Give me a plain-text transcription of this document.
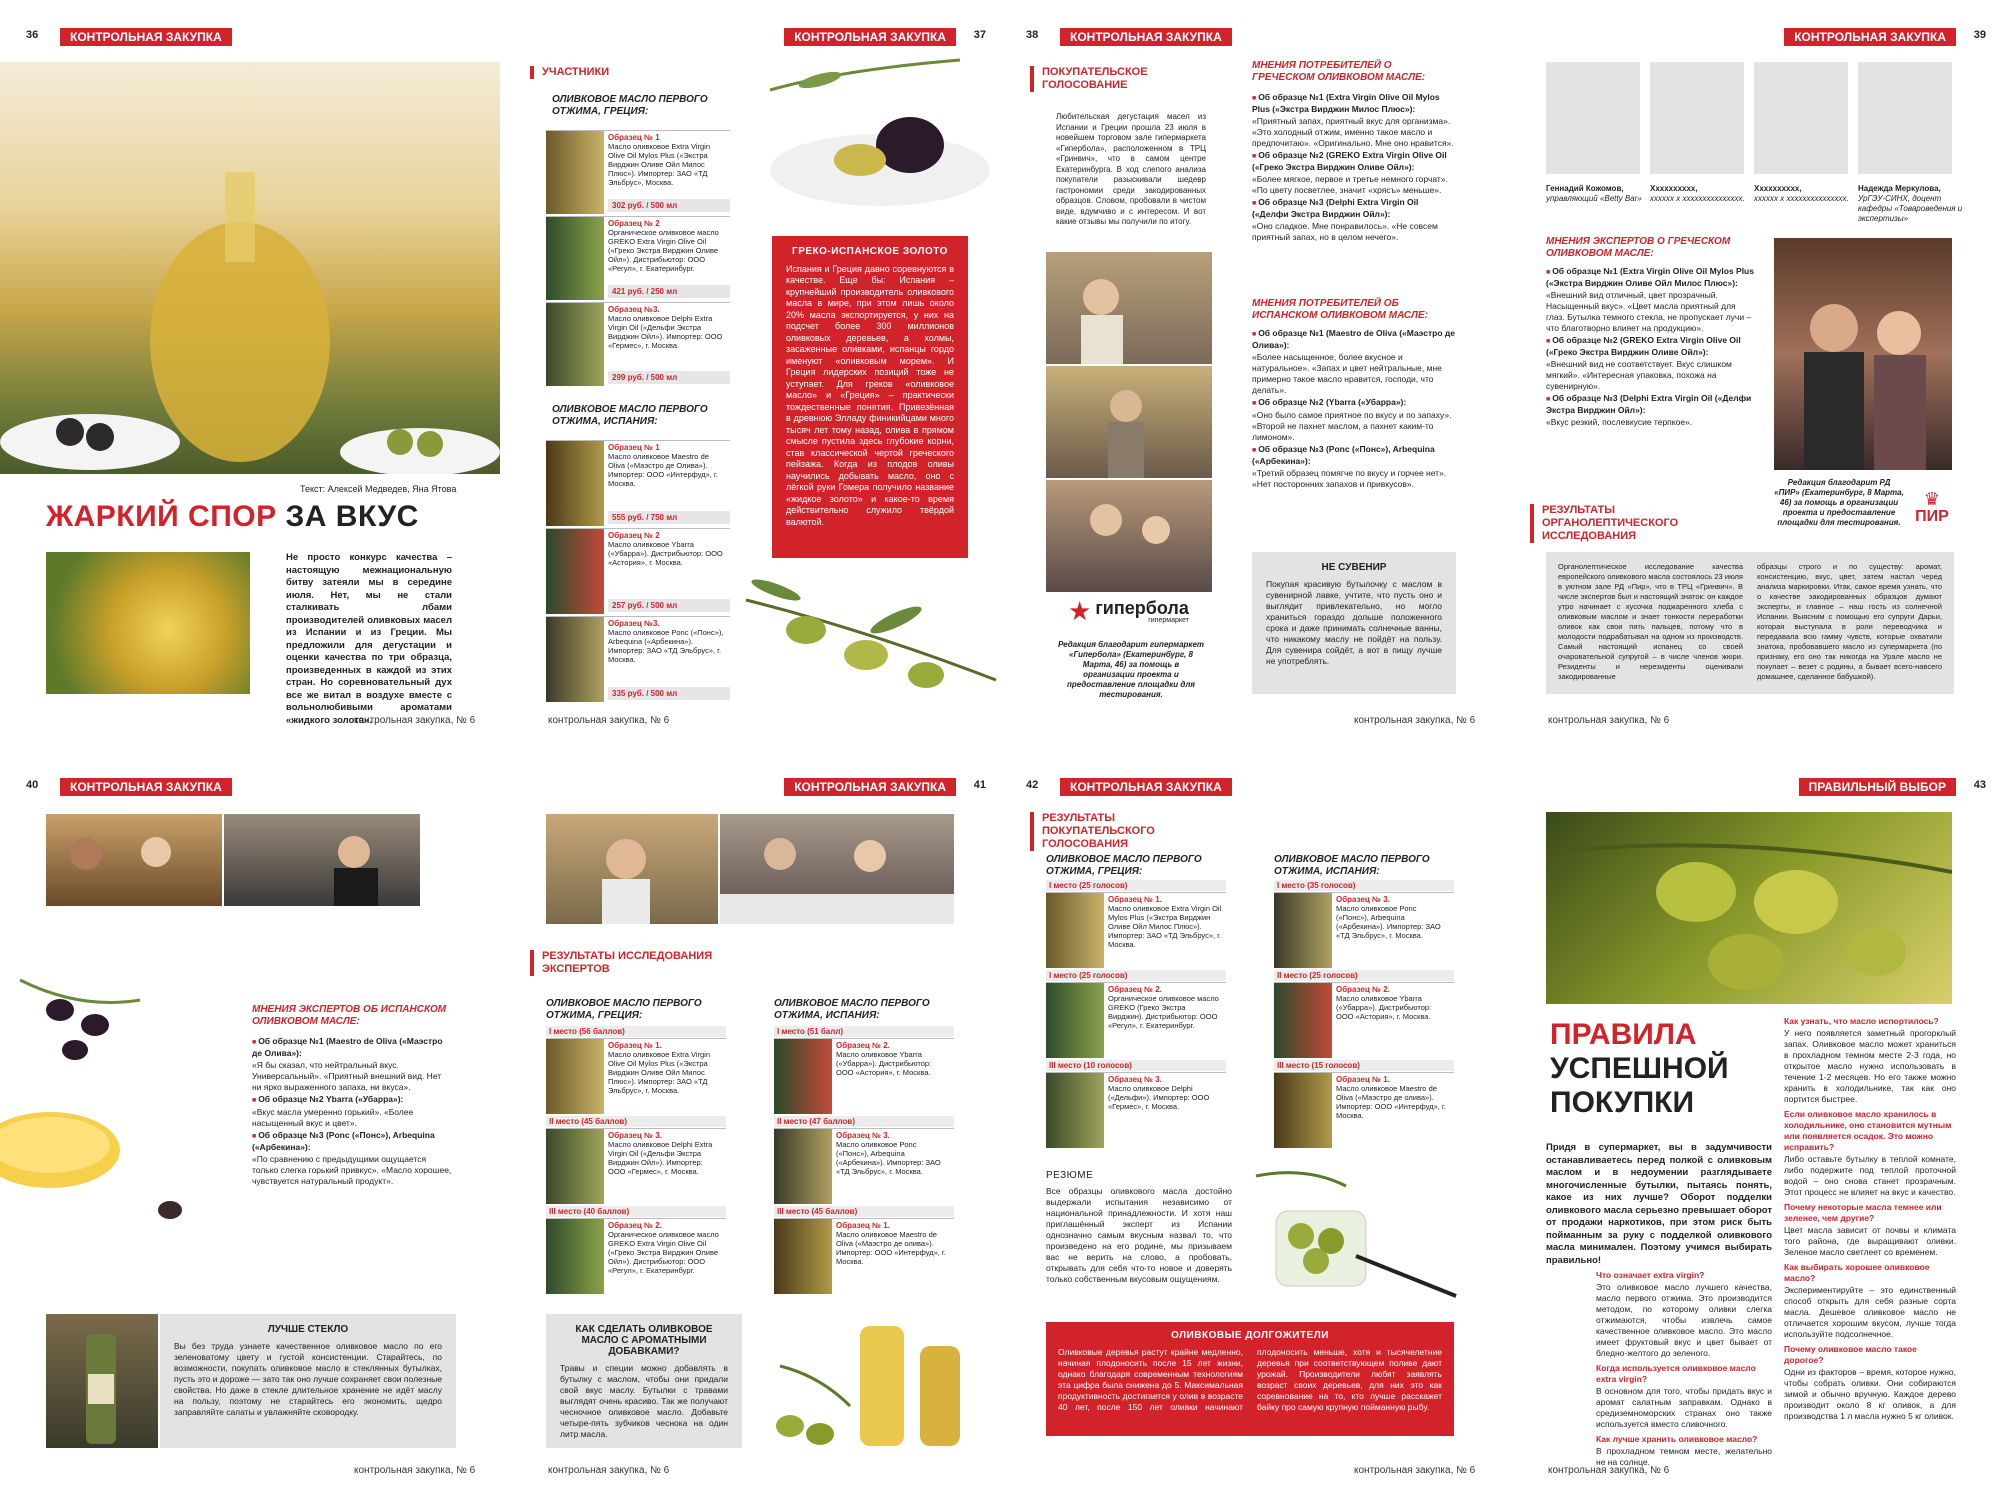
36	КОНТРОЛЬНАЯ ЗАКУПКА
Текст: Алексей Медведев, Яна Ятова
ЖАРКИЙ СПОР ЗА ВКУС
Не просто конкурс качества – настоящую межнациональную битву затеяли мы в середине июля. Нет, мы не стали сталкивать лбами производителей оливковых масел из Испании и из Греции. Мы предложили для дегустации и оценки качества по три образца, произведенных в каждой из этих стран. Но соревновательный дух все же витал в воздухе вместе с вольнолюбивыми ароматами «жидкого золота».
контрольная закупка, № 6
37
КОНТРОЛЬНАЯ ЗАКУПКА
УЧАСТНИКИ
ОЛИВКОВОЕ МАСЛО ПЕРВОГО ОТЖИМА, ГРЕЦИЯ:
Образец № 1
Масло оливковое Extra Virgin Olive Oil Mylos Plus («Экстра Вирджин Оливе Ойл Милос Плюс»). Импортер: ЗАО «ТД Эльбрус», Москва.
302 руб. / 500 мл
Образец № 2
Органическое оливковое масло GREKO Extra Virgin Olive Oil («Греко Экстра Вирджин Оливе Ойл»). Дистрибьютор: ООО «Регул», г. Екатеринбург.
421 руб. / 250 мл
Образец №3.
Масло оливковое Delphi Extra Virgin Oil («Дельфи Экстра Вирджин Ойл»). Импортер: ООО «Гермес», г. Москва.
299 руб. / 500 мл
ОЛИВКОВОЕ МАСЛО ПЕРВОГО ОТЖИМА, ИСПАНИЯ:
Образец № 1
Масло оливковое Maestro de Oliva («Маэстро де Олива»). Импортер: ООО «Интерфуд», г. Москва.
555 руб. / 750 мл
Образец № 2
Масло оливковое Ybarra («Убарра»). Дистрибьютор: ООО «Астория», г. Москва.
257 руб. / 500 мл
Образец №3.
Масло оливковое Ponc («Понс»), Arbequina («Арбекина»). Импортер: ЗАО «ТД Эльбрус», г. Москва.
335 руб. / 500 мл
ГРЕКО-ИСПАНСКОЕ ЗОЛОТО
Испания и Греция давно соревнуются в качестве. Еще бы: Испания – крупнейший производитель оливкового масла в мире, при этом лишь около 20% масла экспортируется, у них на подсчет более 300 миллионов оливковых деревьев, а холмы, засаженные оливками, испанцы гордо именуют «оливковым морем». И Греция лидерских позиций тоже не уступает. Для греков «оливковое масло» и «Греция» – практически тождественные понятия. Привезённая в древнюю Элладу финикийцами много тысяч лет тому назад, олива в прямом смысле пустила здесь глубокие корни, став классической чертой греческого пейзажа. Когда из плодов оливы научились добывать масло, оно с лёгкой руки Гомера получило название «жидкое золото» и какое-то время действительно служило твёрдой валютой.
контрольная закупка, № 6
38	КОНТРОЛЬНАЯ ЗАКУПКА
ПОКУПАТЕЛЬСКОЕ ГОЛОСОВАНИЕ
Любительская дегустация масел из Испании и Греции прошла 23 июля в новейшем торговом зале гипермаркета «Гипербола», расположенном в ТРЦ «Гринвич», что в самом центре Екатеринбурга. В ход слепого анализа покупатели разыскивали шедевр гастрономии среди закодированных образцов. Словом, пробовали в чистом виде, вдумчиво и с интересом. И вот какие отзывы мы получили по итогу.
★ гипербола
гипермаркет
Редакция благодарит гипермаркет «Гипербола» (Екатеринбург, 8 Марта, 46) за помощь в организации проекта и предоставление площадки для тестирования.
МНЕНИЯ ПОТРЕБИТЕЛЕЙ О ГРЕЧЕСКОМ ОЛИВКОВОМ МАСЛЕ:

■ Об образце №1 (Extra Virgin Olive Oil Mylos Plus («Экстра Вирджин Милос Плюс»):

«Приятный запах, приятный вкус для организма». «Это холодный отжим, именно такое масло и предпочитаю». «Оригинально. Мне оно нравится».

■ Об образце №2 (GREKO Extra Virgin Olive Oil («Греко Экстра Вирджин Оливе Ойл»):

«Более мягкое, первое и третье немного горчат». «По цвету посветлее, значит «хрясъ» меньше».

■ Об образце №3 (Delphi Extra Virgin Oil («Делфи Экстра Вирджин Ойл»):

«Оно сладкое. Мне понравилось». «Не совсем приятный запах, но в целом нечего».

МНЕНИЯ ПОТРЕБИТЕЛЕЙ ОБ ИСПАНСКОМ ОЛИВКОВОМ МАСЛЕ:

■ Об образце №1 (Maestro de Oliva («Маэстро де Олива»):

«Более насыщенное, более вкусное и натуральное». «Запах и цвет нейтральные, мне примерно такое масло нравится, господи, что делать».

■ Об образце №2 (Ybarra («Убарра»):

«Оно было самое приятное по вкусу и по запаху». «Второй не пахнет маслом, а пахнет каким-то лимоном».

■ Об образце №3 (Ponc («Понс»), Arbequina («Арбекина»):

«Третий образец помягче по вкусу и горчее нет». «Нет посторонних запахов и привкусов».

НЕ СУВЕНИР
Покупая красивую бутылочку с маслом в сувенирной лавке, учтите, что пусть оно и выглядит привлекательно, но могло храниться гораздо дольше положенного срока и даже принимать солнечные ванны, что никакому маслу не пойдёт на пользу. Для сувенира сойдёт, а вот в пищу лучше не употреблять.
контрольная закупка, № 6
39
КОНТРОЛЬНАЯ ЗАКУПКА
Геннадий Кожомов,
управляющий «Betty Bar»
Хххххххххх,
хххххх х ххххххххххххххх.
Хххххххххх,
хххххх х ххххххххххххххх.
Надежда Меркулова,
УрГЭУ-СИНХ, доцент кафедры «Товароведения и экспертизы»
МНЕНИЯ ЭКСПЕРТОВ О ГРЕЧЕСКОМ ОЛИВКОВОМ МАСЛЕ:

■ Об образце №1 (Extra Virgin Olive Oil Mylos Plus («Экстра Вирджин Оливе Ойл Милос Плюс»):

«Внешний вид отличный, цвет прозрачный. Насыщенный вкус». «Цвет масла приятный для глаз. Бутылка темного стекла, не пропускает лучи – что благотворно влияет на продукцию».

■ Об образце №2 (GREKO Extra Virgin Olive Oil («Греко Экстра Вирджин Оливе Ойл»):

«Внешний вид не соответствует. Вкус слишком мягкий». «Интересная упаковка, похожа на сувенирную».

■ Об образце №3 (Delphi Extra Virgin Oil («Делфи Экстра Вирджин Ойл»):

«Вкус резкий, послевкусие терпкое».

Редакция благодарит РД «ПИР» (Екатеринбург, 8 Марта, 46) за помощь в организации проекта и предоставление площадки для тестирования.
♛
ПИР
РЕЗУЛЬТАТЫ ОРГАНОЛЕПТИЧЕСКОГО ИССЛЕДОВАНИЯ
Органолептическое исследование качества европейского оливкового масла состоялось 23 июля в уютном зале РД «Пир», что в ТРЦ «Гринвич». В числе экспертов был и настоящий знаток: он каждое утро начинает с кусочка поджаренного хлеба с оливковым маслом и знает тонкости переработки оливок как свои пять пальцев, потому что в молодости подрабатывал на одном из производств. Самый настоящий испанец со своей очаровательной супругой – в числе членов жюри. Резиденты и нерезиденты оценивали закодированные
образцы строго и по существу: аромат, консистенцию, вкус, цвет, затем настал черед анализа маркировки. Итак, самое время узнать, что о качестве закодированных образцов думают эксперты, и главное – наш гость из солнечной Испании. Выясним с помощью его супруги Дарьи, которая выступала в роли переводчика и передавала всю гамму чувств, которые охватили знатока, пробовавшего масло из супермаркета (по признаку, его оно так никогда на Урале масло не покупает – везет с родины, а бывает всего-навсего домашнее, сделанное бабушкой).
контрольная закупка, № 6
40	КОНТРОЛЬНАЯ ЗАКУПКА
МНЕНИЯ ЭКСПЕРТОВ ОБ ИСПАНСКОМ ОЛИВКОВОМ МАСЛЕ:

■ Об образце №1 (Maestro de Oliva («Маэстро де Олива»):

«Я бы сказал, что нейтральный вкус. Универсальный». «Приятный внешний вид. Нет ни ярко выраженного запаха, ни вкуса».

■ Об образце №2 Ybarra («Убарра»):

«Вкус масла умеренно горький». «Более насыщенный вкус и цвет».

■ Об образце №3 (Ponc («Понс»), Arbequina («Арбекина»):

«По сравнению с предыдущими ощущается только слегка горький привкус». «Масло хорошее, чувствуется натуральный продукт».

ЛУЧШЕ СТЕКЛО
Вы без труда узнаете качественное оливковое масло по его зеленоватому цвету и густой консистенции. Старайтесь, по возможности, покупать оливковое масло в стеклянных бутылках, пусть это и дороже — зато так оно лучше сохраняет свои полезные свойства. Но даже в стекле длительное хранение не идёт маслу на пользу, поэтому не старайтесь его экономить, щедро заправляйте салаты и увлажняйте сковородку.
контрольная закупка, № 6
41
КОНТРОЛЬНАЯ ЗАКУПКА
РЕЗУЛЬТАТЫ ИССЛЕДОВАНИЯ ЭКСПЕРТОВ
ОЛИВКОВОЕ МАСЛО ПЕРВОГО ОТЖИМА, ГРЕЦИЯ:
I место (56 баллов)
Образец № 1.
Масло оливковое Extra Virgin Olive Oil Mylos Plus («Экстра Вирджин Оливе Ойл Милос Плюс»). Импортер: ЗАО «ТД Эльбрус», г. Москва.
II место (45 баллов)
Образец № 3.
Масло оливковое Delphi Extra Virgin Oil («Дельфи Экстра Вирджин Ойл»). Импортер: ООО «Гермес», г. Москва.
III место (40 баллов)
Образец № 2.
Органическое оливковое масло GREKO Extra Virgin Olive Oil («Греко Экстра Вирджин Оливе Ойл»). Дистрибьютор: ООО «Регул», г. Екатеринбург.
ОЛИВКОВОЕ МАСЛО ПЕРВОГО ОТЖИМА, ИСПАНИЯ:
I место (51 балл)
Образец № 2.
Масло оливковое Ybarra («Убарра»). Дистрибьютор: ООО «Астория», г. Москва.
II место (47 баллов)
Образец № 3.
Масло оливковое Ponc («Понс»), Arbequina («Арбекина»). Импортер: ЗАО «ТД Эльбрус», г. Москва.
III место (45 баллов)
Образец № 1.
Масло оливковое Maestro de Oliva («Маэстро де олива»). Импортер: ООО «Интерфуд», г. Москва.
КАК СДЕЛАТЬ ОЛИВКОВОЕ МАСЛО С АРОМАТНЫМИ ДОБАВКАМИ?
Травы и специи можно добавлять в бутылку с маслом, чтобы они придали свой вкус маслу. Бутылки с травами выглядят очень красиво. Так же получают чесночное оливковое масло. Добавьте четыре-пять зубчиков чеснока на один литр масла.
контрольная закупка, № 6
42	КОНТРОЛЬНАЯ ЗАКУПКА
РЕЗУЛЬТАТЫ ПОКУПАТЕЛЬСКОГО ГОЛОСОВАНИЯ
ОЛИВКОВОЕ МАСЛО ПЕРВОГО ОТЖИМА, ГРЕЦИЯ:
I место (25 голосов)
Образец № 1.
Масло оливковое Extra Virgin Oil Mylos Plus («Экстра Вирджин Оливе Ойл Милос Плюс»). Импортер: ЗАО «ТД Эльбрус», г. Москва.
I место (25 голосов)
Образец № 2.
Органическое оливковое масло GREKO (Греко Экстра Вирджин). Дистрибьютор: ООО «Регул», г. Екатеринбург.
III место (10 голосов)
Образец № 3.
Масло оливковое Delphi («Дельфи»). Импортер: ООО «Гермес», г. Москва.
ОЛИВКОВОЕ МАСЛО ПЕРВОГО ОТЖИМА, ИСПАНИЯ:
I место (35 голосов)
Образец № 3.
Масло оливковое Ponc («Понс»), Arbequina («Арбекина»). Импортер: ЗАО «ТД Эльбрус», г. Москва.
II место (25 голосов)
Образец № 2.
Масло оливковое Ybarra («Убарра»). Дистрибьютор: ООО «Астория», г. Москва.
III место (15 голосов)
Образец № 1.
Масло оливковое Maestro de Oliva («Маэстро де олива»). Импортер: ООО «Интерфуд», г. Москва.
РЕЗЮМЕ
Все образцы оливкового масла достойно выдержали испытания независимо от национальной принадлежности. И хотя наш приглашённый эксперт из Испании однозначно самым вкусным назвал то, что произведено на его родине, мы призываем вас не верить на слово, а пробовать, открывать для себя что-то новое и доверять только собственным вкусовым ощущениям.
ОЛИВКОВЫЕ ДОЛГОЖИТЕЛИ
Оливковые деревья растут крайне медленно, начиная плодоносить после 15 лет жизни, однако благодаря современным технологиям эта цифра была снижена до 5. Максимальная продуктивность достигается у олив в возрасте 40 лет, после 150 лет оливки начинают плодоносить меньше, хотя и тысячелетние деревья при соответствующем поливе дают урожай. Производители любят заявлять возраст своих деревьев, для них это как соревнование на то, кто лучше расскажет байку про самую крупную пойманную рыбу.
контрольная закупка, № 6
43
ПРАВИЛЬНЫЙ ВЫБОР
ПРАВИЛА
УСПЕШНОЙ
ПОКУПКИ
Придя в супермаркет, вы в задумчивости останавливаетесь перед полкой с оливковым маслом и в недоумении разглядываете многочисленные бутылки, пытаясь понять, какое из них лучше? Оборот подделки оливкового масла серьезно превышает оборот от продажи наркотиков, при этом риск быть пойманным за руку с подделкой оливкового масла минимален. Поэтому учимся выбирать правильно!

Что означает extra virgin?

Это оливковое масло лучшего качества, масло первого отжима. Это производится методом, по которому оливки слегка отжимаются, чтобы извлечь самое качественное оливковое масло. Это масло имеет фруктовый вкус и цвет бывает от бледно-желтого до зеленого.

Когда используется оливковое масло extra virgin?

В основном для того, чтобы придать вкус и аромат салатным заправкам. Однако в средиземноморских странах оно также используется вместо сливочного.

Как лучше хранить оливковое масло?

В прохладном темном месте, желательно не на солнце.

Как узнать, что масло испортилось?

У него появляется заметный прогорклый запах. Оливковое масло может храниться в прохладном темном месте 2-3 года, но открытое масло нужно использовать в течение 1-2 месяцев. Но его также можно хранить в холодильнике, так как оно портится быстрее.

Если оливковое масло хранилось в холодильнике, оно становится мутным или появляется осадок. Это можно исправить?

Либо оставьте бутылку в теплой комнате, либо подержите под теплой проточной водой – оно снова станет прозрачным. Этот процесс не влияет на вкус и качество.

Почему некоторые масла темнее или зеленее, чем другие?

Цвет масла зависит от почвы и климата того района, где выращивают оливки. Зеленое масло светлеет со временем.

Как выбирать хорошее оливковое масло?

Экспериментируйте – это единственный способ открыть для себя разные сорта масла. Дешевое оливковое масло не отличается хорошим вкусом, лучше тогда используйте подсолнечное.

Почему оливковое масло такое дорогое?

Одни из факторов – время, которое нужно, чтобы собрать оливки. Они собираются зимой и обычно вручную. Каждое дерево производит около 8 кг оливок, а для производства 1 л масла нужно 5 кг оливок.

контрольная закупка, № 6
